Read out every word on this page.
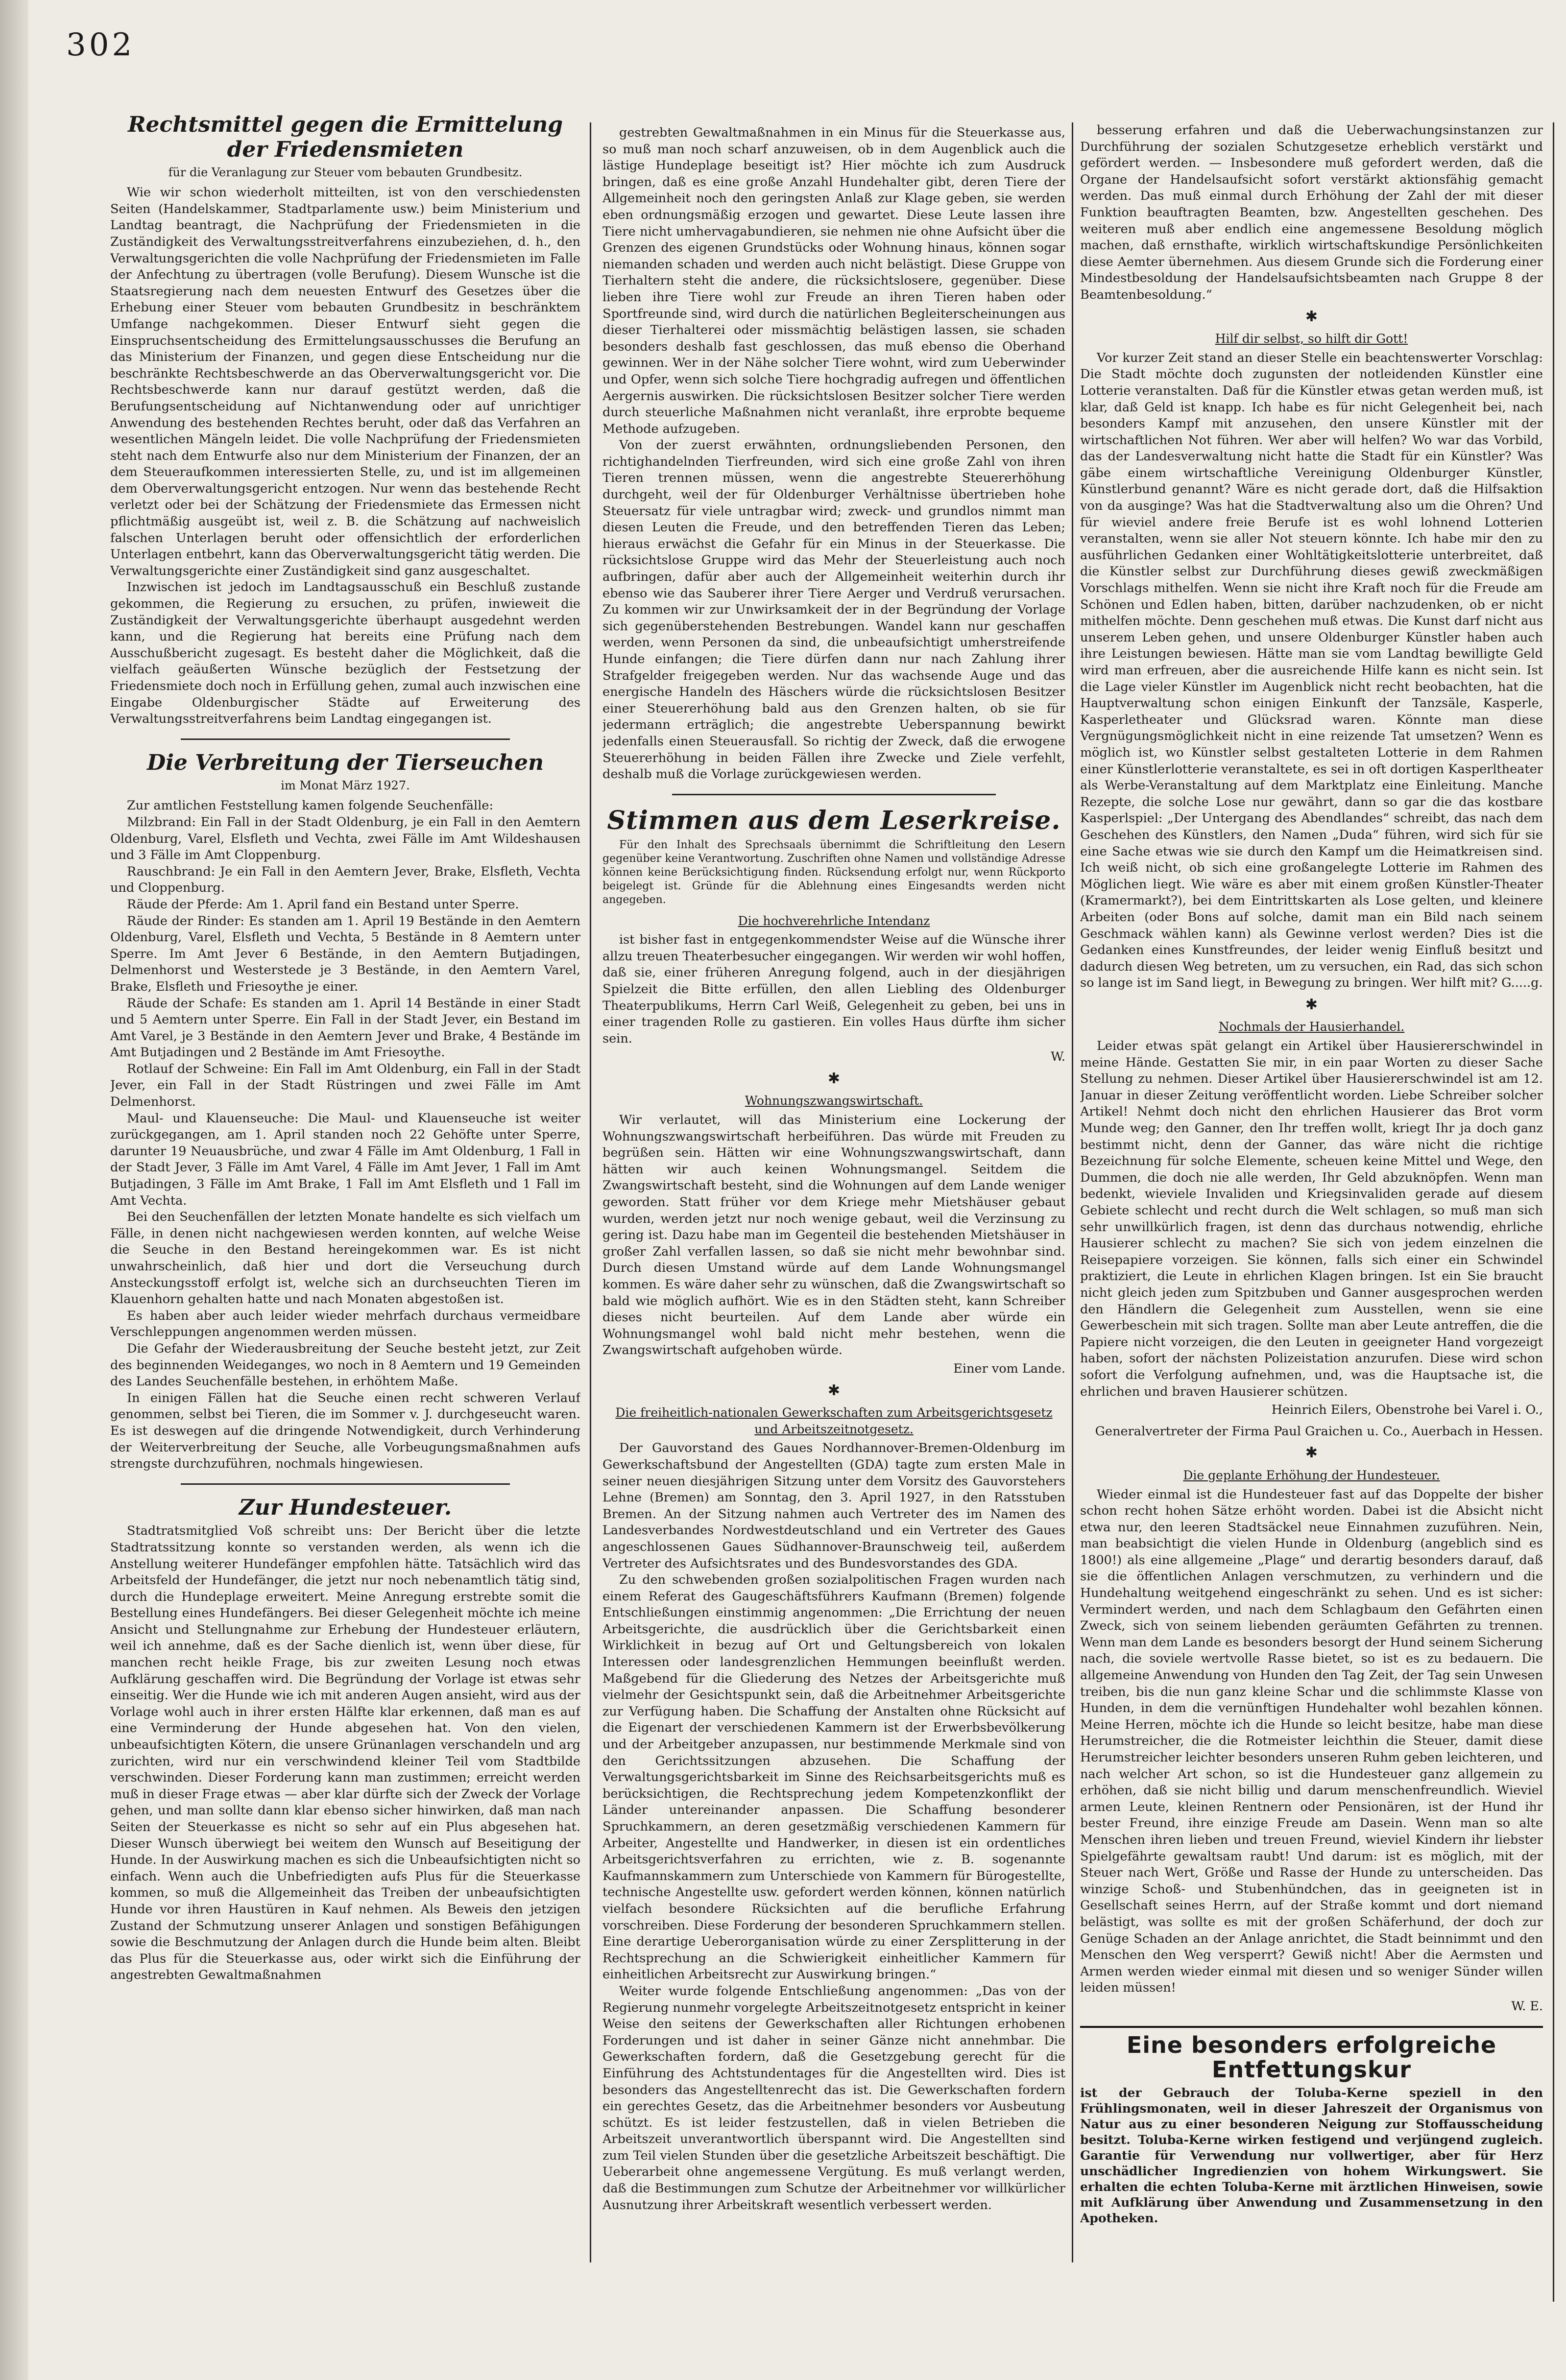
302
Rechtsmittel gegen die Ermittelung der Friedensmieten
für die Veranlagung zur Steuer vom bebauten Grundbesitz.

Wie wir schon wiederholt mitteilten, ist von den verschiedensten Seiten (Handelskammer, Stadtparlamente usw.) beim Ministerium und Landtag beantragt, die Nachprüfung der Friedensmieten in die Zuständigkeit des Verwaltungsstreitverfahrens einzubeziehen, d. h., den Verwaltungsgerichten die volle Nachprüfung der Friedensmieten im Falle der Anfechtung zu übertragen (volle Berufung). Diesem Wunsche ist die Staatsregierung nach dem neuesten Entwurf des Gesetzes über die Erhebung einer Steuer vom bebauten Grundbesitz in beschränktem Umfange nachgekommen. Dieser Entwurf sieht gegen die Einspruchsentscheidung des Ermittelungsausschusses die Berufung an das Ministerium der Finanzen, und gegen diese Entscheidung nur die beschränkte Rechtsbeschwerde an das Oberverwaltungsgericht vor. Die Rechtsbeschwerde kann nur darauf gestützt werden, daß die Berufungsentscheidung auf Nichtanwendung oder auf unrichtiger Anwendung des bestehenden Rechtes beruht, oder daß das Verfahren an wesentlichen Mängeln leidet. Die volle Nachprüfung der Friedensmieten steht nach dem Entwurfe also nur dem Ministerium der Finanzen, der an dem Steueraufkommen interessierten Stelle, zu, und ist im allgemeinen dem Oberverwaltungsgericht entzogen. Nur wenn das bestehende Recht verletzt oder bei der Schätzung der Friedensmiete das Ermessen nicht pflichtmäßig ausgeübt ist, weil z. B. die Schätzung auf nachweislich falschen Unterlagen beruht oder offensichtlich der erforderlichen Unterlagen entbehrt, kann das Oberverwaltungsgericht tätig werden. Die Verwaltungsgerichte einer Zuständigkeit sind ganz ausgeschaltet.

Inzwischen ist jedoch im Landtagsausschuß ein Beschluß zustande gekommen, die Regierung zu ersuchen, zu prüfen, inwieweit die Zuständigkeit der Verwaltungsgerichte überhaupt ausgedehnt werden kann, und die Regierung hat bereits eine Prüfung nach dem Ausschußbericht zugesagt. Es besteht daher die Möglichkeit, daß die vielfach geäußerten Wünsche bezüglich der Festsetzung der Friedensmiete doch noch in Erfüllung gehen, zumal auch inzwischen eine Eingabe Oldenburgischer Städte auf Erweiterung des Verwaltungsstreitverfahrens beim Landtag eingegangen ist.

Die Verbreitung der Tierseuchen
im Monat März 1927.

Zur amtlichen Feststellung kamen folgende Seuchenfälle:

Milzbrand: Ein Fall in der Stadt Oldenburg, je ein Fall in den Aemtern Oldenburg, Varel, Elsfleth und Vechta, zwei Fälle im Amt Wildeshausen und 3 Fälle im Amt Cloppenburg.

Rauschbrand: Je ein Fall in den Aemtern Jever, Brake, Elsfleth, Vechta und Cloppenburg.

Räude der Pferde: Am 1. April fand ein Bestand unter Sperre.

Räude der Rinder: Es standen am 1. April 19 Bestände in den Aemtern Oldenburg, Varel, Elsfleth und Vechta, 5 Bestände in 8 Aemtern unter Sperre. Im Amt Jever 6 Bestände, in den Aemtern Butjadingen, Delmenhorst und Westerstede je 3 Bestände, in den Aemtern Varel, Brake, Elsfleth und Friesoythe je einer.

Räude der Schafe: Es standen am 1. April 14 Bestände in einer Stadt und 5 Aemtern unter Sperre. Ein Fall in der Stadt Jever, ein Bestand im Amt Varel, je 3 Bestände in den Aemtern Jever und Brake, 4 Bestände im Amt Butjadingen und 2 Bestände im Amt Friesoythe.

Rotlauf der Schweine: Ein Fall im Amt Oldenburg, ein Fall in der Stadt Jever, ein Fall in der Stadt Rüstringen und zwei Fälle im Amt Delmenhorst.

Maul- und Klauenseuche: Die Maul- und Klauenseuche ist weiter zurückgegangen, am 1. April standen noch 22 Gehöfte unter Sperre, darunter 19 Neuausbrüche, und zwar 4 Fälle im Amt Oldenburg, 1 Fall in der Stadt Jever, 3 Fälle im Amt Varel, 4 Fälle im Amt Jever, 1 Fall im Amt Butjadingen, 3 Fälle im Amt Brake, 1 Fall im Amt Elsfleth und 1 Fall im Amt Vechta.

Bei den Seuchenfällen der letzten Monate handelte es sich vielfach um Fälle, in denen nicht nachgewiesen werden konnten, auf welche Weise die Seuche in den Bestand hereingekommen war. Es ist nicht unwahrscheinlich, daß hier und dort die Verseuchung durch Ansteckungsstoff erfolgt ist, welche sich an durchseuchten Tieren im Klauenhorn gehalten hatte und nach Monaten abgestoßen ist.

Es haben aber auch leider wieder mehrfach durchaus vermeidbare Verschleppungen angenommen werden müssen.

Die Gefahr der Wiederausbreitung der Seuche besteht jetzt, zur Zeit des beginnenden Weideganges, wo noch in 8 Aemtern und 19 Gemeinden des Landes Seuchenfälle bestehen, in erhöhtem Maße.

In einigen Fällen hat die Seuche einen recht schweren Verlauf genommen, selbst bei Tieren, die im Sommer v. J. durchgeseucht waren. Es ist deswegen auf die dringende Notwendigkeit, durch Verhinderung der Weiterverbreitung der Seuche, alle Vorbeugungsmaßnahmen aufs strengste durchzuführen, nochmals hingewiesen.

Zur Hundesteuer.

Stadtratsmitglied Voß schreibt uns: Der Bericht über die letzte Stadtratssitzung konnte so verstanden werden, als wenn ich die Anstellung weiterer Hundefänger empfohlen hätte. Tatsächlich wird das Arbeitsfeld der Hundefänger, die jetzt nur noch nebenamtlich tätig sind, durch die Hundeplage erweitert. Meine Anregung erstrebte somit die Bestellung eines Hundefängers. Bei dieser Gelegenheit möchte ich meine Ansicht und Stellungnahme zur Erhebung der Hundesteuer erläutern, weil ich annehme, daß es der Sache dienlich ist, wenn über diese, für manchen recht heikle Frage, bis zur zweiten Lesung noch etwas Aufklärung geschaffen wird. Die Begründung der Vorlage ist etwas sehr einseitig. Wer die Hunde wie ich mit anderen Augen ansieht, wird aus der Vorlage wohl auch in ihrer ersten Hälfte klar erkennen, daß man es auf eine Verminderung der Hunde abgesehen hat. Von den vielen, unbeaufsichtigten Kötern, die unsere Grünanlagen verschandeln und arg zurichten, wird nur ein verschwindend kleiner Teil vom Stadtbilde verschwinden. Dieser Forderung kann man zustimmen; erreicht werden muß in dieser Frage etwas — aber klar dürfte sich der Zweck der Vorlage gehen, und man sollte dann klar ebenso sicher hinwirken, daß man nach Seiten der Steuerkasse es nicht so sehr auf ein Plus abgesehen hat. Dieser Wunsch überwiegt bei weitem den Wunsch auf Beseitigung der Hunde. In der Auswirkung machen es sich die Unbeaufsichtigten nicht so einfach. Wenn auch die Unbefriedigten aufs Plus für die Steuerkasse kommen, so muß die Allgemeinheit das Treiben der unbeaufsichtigten Hunde vor ihren Haustüren in Kauf nehmen. Als Beweis den jetzigen Zustand der Schmutzung unserer Anlagen und sonstigen Befähigungen sowie die Beschmutzung der Anlagen durch die Hunde beim alten. Bleibt das Plus für die Steuerkasse aus, oder wirkt sich die Einführung der angestrebten Gewaltmaßnahmen

gestrebten Gewaltmaßnahmen in ein Minus für die Steuerkasse aus, so muß man noch scharf anzuweisen, ob in dem Augenblick auch die lästige Hundeplage beseitigt ist? Hier möchte ich zum Ausdruck bringen, daß es eine große Anzahl Hundehalter gibt, deren Tiere der Allgemeinheit noch den geringsten Anlaß zur Klage geben, sie werden eben ordnungsmäßig erzogen und gewartet. Diese Leute lassen ihre Tiere nicht umhervagabundieren, sie nehmen nie ohne Aufsicht über die Grenzen des eigenen Grundstücks oder Wohnung hinaus, können sogar niemanden schaden und werden auch nicht belästigt. Diese Gruppe von Tierhaltern steht die andere, die rücksichtslosere, gegenüber. Diese lieben ihre Tiere wohl zur Freude an ihren Tieren haben oder Sportfreunde sind, wird durch die natürlichen Begleiterscheinungen aus dieser Tierhalterei oder missmächtig belästigen lassen, sie schaden besonders deshalb fast geschlossen, das muß ebenso die Oberhand gewinnen. Wer in der Nähe solcher Tiere wohnt, wird zum Ueberwinder und Opfer, wenn sich solche Tiere hochgradig aufregen und öffentlichen Aergernis auswirken. Die rücksichtslosen Besitzer solcher Tiere werden durch steuerliche Maßnahmen nicht veranlaßt, ihre erprobte bequeme Methode aufzugeben.

Von der zuerst erwähnten, ordnungsliebenden Personen, den richtighandelnden Tierfreunden, wird sich eine große Zahl von ihren Tieren trennen müssen, wenn die angestrebte Steuererhöhung durchgeht, weil der für Oldenburger Verhältnisse übertrieben hohe Steuersatz für viele untragbar wird; zweck- und grundlos nimmt man diesen Leuten die Freude, und den betreffenden Tieren das Leben; hieraus erwächst die Gefahr für ein Minus in der Steuerkasse. Die rücksichtslose Gruppe wird das Mehr der Steuerleistung auch noch aufbringen, dafür aber auch der Allgemeinheit weiterhin durch ihr ebenso wie das Sauberer ihrer Tiere Aerger und Verdruß verursachen. Zu kommen wir zur Unwirksamkeit der in der Begründung der Vorlage sich gegenüberstehenden Bestrebungen. Wandel kann nur geschaffen werden, wenn Personen da sind, die unbeaufsichtigt umherstreifende Hunde einfangen; die Tiere dürfen dann nur nach Zahlung ihrer Strafgelder freigegeben werden. Nur das wachsende Auge und das energische Handeln des Häschers würde die rücksichtslosen Besitzer einer Steuererhöhung bald aus den Grenzen halten, ob sie für jedermann erträglich; die angestrebte Ueberspannung bewirkt jedenfalls einen Steuerausfall. So richtig der Zweck, daß die erwogene Steuererhöhung in beiden Fällen ihre Zwecke und Ziele verfehlt, deshalb muß die Vorlage zurückgewiesen werden.

Stimmen aus dem Leserkreise.

Für den Inhalt des Sprechsaals übernimmt die Schriftleitung den Lesern gegenüber keine Verantwortung. Zuschriften ohne Namen und vollständige Adresse können keine Berücksichtigung finden. Rücksendung erfolgt nur, wenn Rückporto beigelegt ist. Gründe für die Ablehnung eines Eingesandts werden nicht angegeben.

Die hochverehrliche Intendanz

ist bisher fast in entgegenkommendster Weise auf die Wünsche ihrer allzu treuen Theaterbesucher eingegangen. Wir werden wir wohl hoffen, daß sie, einer früheren Anregung folgend, auch in der diesjährigen Spielzeit die Bitte erfüllen, den allen Liebling des Oldenburger Theaterpublikums, Herrn Carl Weiß, Gelegenheit zu geben, bei uns in einer tragenden Rolle zu gastieren. Ein volles Haus dürfte ihm sicher sein.

W.
✱
Wohnungszwangswirtschaft.

Wir verlautet, will das Ministerium eine Lockerung der Wohnungszwangswirtschaft herbeiführen. Das würde mit Freuden zu begrüßen sein. Hätten wir eine Wohnungszwangswirtschaft, dann hätten wir auch keinen Wohnungsmangel. Seitdem die Zwangswirtschaft besteht, sind die Wohnungen auf dem Lande weniger geworden. Statt früher vor dem Kriege mehr Mietshäuser gebaut wurden, werden jetzt nur noch wenige gebaut, weil die Verzinsung zu gering ist. Dazu habe man im Gegenteil die bestehenden Mietshäuser in großer Zahl verfallen lassen, so daß sie nicht mehr bewohnbar sind. Durch diesen Umstand würde auf dem Lande Wohnungsmangel kommen. Es wäre daher sehr zu wünschen, daß die Zwangswirtschaft so bald wie möglich aufhört. Wie es in den Städten steht, kann Schreiber dieses nicht beurteilen. Auf dem Lande aber würde ein Wohnungsmangel wohl bald nicht mehr bestehen, wenn die Zwangswirtschaft aufgehoben würde.

Einer vom Lande.
✱
Die freiheitlich-nationalen Gewerkschaften zum Arbeitsgerichtsgesetz und Arbeitszeitnotgesetz.

Der Gauvorstand des Gaues Nordhannover-Bremen-Oldenburg im Gewerkschaftsbund der Angestellten (GDA) tagte zum ersten Male in seiner neuen diesjährigen Sitzung unter dem Vorsitz des Gauvorstehers Lehne (Bremen) am Sonntag, den 3. April 1927, in den Ratsstuben Bremen. An der Sitzung nahmen auch Vertreter des im Namen des Landesverbandes Nordwestdeutschland und ein Vertreter des Gaues angeschlossenen Gaues Südhannover-Braunschweig teil, außerdem Vertreter des Aufsichtsrates und des Bundesvorstandes des GDA.

Zu den schwebenden großen sozialpolitischen Fragen wurden nach einem Referat des Gaugeschäftsführers Kaufmann (Bremen) folgende Entschließungen einstimmig angenommen: „Die Errichtung der neuen Arbeitsgerichte, die ausdrücklich über die Gerichtsbarkeit einen Wirklichkeit in bezug auf Ort und Geltungsbereich von lokalen Interessen oder landesgrenzlichen Hemmungen beeinflußt werden. Maßgebend für die Gliederung des Netzes der Arbeitsgerichte muß vielmehr der Gesichtspunkt sein, daß die Arbeitnehmer Arbeitsgerichte zur Verfügung haben. Die Schaffung der Anstalten ohne Rücksicht auf die Eigenart der verschiedenen Kammern ist der Erwerbsbevölkerung und der Arbeitgeber anzupassen, nur bestimmende Merkmale sind von den Gerichtssitzungen abzusehen. Die Schaffung der Verwaltungsgerichtsbarkeit im Sinne des Reichsarbeitsgerichts muß es berücksichtigen, die Rechtsprechung jedem Kompetenzkonflikt der Länder untereinander anpassen. Die Schaffung besonderer Spruchkammern, an deren gesetzmäßig verschiedenen Kammern für Arbeiter, Angestellte und Handwerker, in diesen ist ein ordentliches Arbeitsgerichtsverfahren zu errichten, wie z. B. sogenannte Kaufmannskammern zum Unterschiede von Kammern für Bürogestellte, technische Angestellte usw. gefordert werden können, können natürlich vielfach besondere Rücksichten auf die berufliche Erfahrung vorschreiben. Diese Forderung der besonderen Spruchkammern stellen. Eine derartige Ueberorganisation würde zu einer Zersplitterung in der Rechtsprechung an die Schwierigkeit einheitlicher Kammern für einheitlichen Arbeitsrecht zur Auswirkung bringen.“

Weiter wurde folgende Entschließung angenommen: „Das von der Regierung nunmehr vorgelegte Arbeitszeitnotgesetz entspricht in keiner Weise den seitens der Gewerkschaften aller Richtungen erhobenen Forderungen und ist daher in seiner Gänze nicht annehmbar. Die Gewerkschaften fordern, daß die Gesetzgebung gerecht für die Einführung des Achtstundentages für die Angestellten wird. Dies ist besonders das Angestelltenrecht das ist. Die Gewerkschaften fordern ein gerechtes Gesetz, das die Arbeitnehmer besonders vor Ausbeutung schützt. Es ist leider festzustellen, daß in vielen Betrieben die Arbeitszeit unverantwortlich überspannt wird. Die Angestellten sind zum Teil vielen Stunden über die gesetzliche Arbeitszeit beschäftigt. Die Ueberarbeit ohne angemessene Vergütung. Es muß verlangt werden, daß die Bestimmungen zum Schutze der Arbeitnehmer vor willkürlicher Ausnutzung ihrer Arbeitskraft wesentlich verbessert werden.

besserung erfahren und daß die Ueberwachungsinstanzen zur Durchführung der sozialen Schutzgesetze erheblich verstärkt und gefördert werden. — Insbesondere muß gefordert werden, daß die Organe der Handelsaufsicht sofort verstärkt aktionsfähig gemacht werden. Das muß einmal durch Erhöhung der Zahl der mit dieser Funktion beauftragten Beamten, bzw. Angestellten geschehen. Des weiteren muß aber endlich eine angemessene Besoldung möglich machen, daß ernsthafte, wirklich wirtschaftskundige Persönlichkeiten diese Aemter übernehmen. Aus diesem Grunde sich die Forderung einer Mindestbesoldung der Handelsaufsichtsbeamten nach Gruppe 8 der Beamtenbesoldung.“

✱
Hilf dir selbst, so hilft dir Gott!

Vor kurzer Zeit stand an dieser Stelle ein beachtenswerter Vorschlag: Die Stadt möchte doch zugunsten der notleidenden Künstler eine Lotterie veranstalten. Daß für die Künstler etwas getan werden muß, ist klar, daß Geld ist knapp. Ich habe es für nicht Gelegenheit bei, nach besonders Kampf mit anzusehen, den unsere Künstler mit der wirtschaftlichen Not führen. Wer aber will helfen? Wo war das Vorbild, das der Landesverwaltung nicht hatte die Stadt für ein Künstler? Was gäbe einem wirtschaftliche Vereinigung Oldenburger Künstler, Künstlerbund genannt? Wäre es nicht gerade dort, daß die Hilfsaktion von da ausginge? Was hat die Stadtverwaltung also um die Ohren? Und für wieviel andere freie Berufe ist es wohl lohnend Lotterien veranstalten, wenn sie aller Not steuern könnte. Ich habe mir den zu ausführlichen Gedanken einer Wohltätigkeitslotterie unterbreitet, daß die Künstler selbst zur Durchführung dieses gewiß zweckmäßigen Vorschlags mithelfen. Wenn sie nicht ihre Kraft noch für die Freude am Schönen und Edlen haben, bitten, darüber nachzudenken, ob er nicht mithelfen möchte. Denn geschehen muß etwas. Die Kunst darf nicht aus unserem Leben gehen, und unsere Oldenburger Künstler haben auch ihre Leistungen bewiesen. Hätte man sie vom Landtag bewilligte Geld wird man erfreuen, aber die ausreichende Hilfe kann es nicht sein. Ist die Lage vieler Künstler im Augenblick nicht recht beobachten, hat die Hauptverwaltung schon einigen Einkunft der Tanzsäle, Kasperle, Kasperletheater und Glücksrad waren. Könnte man diese Vergnügungsmöglichkeit nicht in eine reizende Tat umsetzen? Wenn es möglich ist, wo Künstler selbst gestalteten Lotterie in dem Rahmen einer Künstlerlotterie veranstaltete, es sei in oft dortigen Kasperltheater als Werbe-Veranstaltung auf dem Marktplatz eine Einleitung. Manche Rezepte, die solche Lose nur gewährt, dann so gar die das kostbare Kasperlspiel: „Der Untergang des Abendlandes“ schreibt, das nach dem Geschehen des Künstlers, den Namen „Duda“ führen, wird sich für sie eine Sache etwas wie sie durch den Kampf um die Heimatkreisen sind. Ich weiß nicht, ob sich eine großangelegte Lotterie im Rahmen des Möglichen liegt. Wie wäre es aber mit einem großen Künstler-Theater (Kramermarkt?), bei dem Eintrittskarten als Lose gelten, und kleinere Arbeiten (oder Bons auf solche, damit man ein Bild nach seinem Geschmack wählen kann) als Gewinne verlost werden? Dies ist die Gedanken eines Kunstfreundes, der leider wenig Einfluß besitzt und dadurch diesen Weg betreten, um zu versuchen, ein Rad, das sich schon so lange ist im Sand liegt, in Bewegung zu bringen. Wer hilft mit? G.....g.

✱
Nochmals der Hausierhandel.

Leider etwas spät gelangt ein Artikel über Hausiererschwindel in meine Hände. Gestatten Sie mir, in ein paar Worten zu dieser Sache Stellung zu nehmen. Dieser Artikel über Hausiererschwindel ist am 12. Januar in dieser Zeitung veröffentlicht worden. Liebe Schreiber solcher Artikel! Nehmt doch nicht den ehrlichen Hausierer das Brot vorm Munde weg; den Ganner, den Ihr treffen wollt, kriegt Ihr ja doch ganz bestimmt nicht, denn der Ganner, das wäre nicht die richtige Bezeichnung für solche Elemente, scheuen keine Mittel und Wege, den Dummen, die doch nie alle werden, Ihr Geld abzuknöpfen. Wenn man bedenkt, wieviele Invaliden und Kriegsinvaliden gerade auf diesem Gebiete schlecht und recht durch die Welt schlagen, so muß man sich sehr unwillkürlich fragen, ist denn das durchaus notwendig, ehrliche Hausierer schlecht zu machen? Sie sich von jedem einzelnen die Reisepapiere vorzeigen. Sie können, falls sich einer ein Schwindel praktiziert, die Leute in ehrlichen Klagen bringen. Ist ein Sie braucht nicht gleich jeden zum Spitzbuben und Ganner ausgesprochen werden den Händlern die Gelegenheit zum Ausstellen, wenn sie eine Gewerbeschein mit sich tragen. Sollte man aber Leute antreffen, die die Papiere nicht vorzeigen, die den Leuten in geeigneter Hand vorgezeigt haben, sofort der nächsten Polizeistation anzurufen. Diese wird schon sofort die Verfolgung aufnehmen, und, was die Hauptsache ist, die ehrlichen und braven Hausierer schützen.

Heinrich Eilers, Obenstrohe bei Varel i. O.,
Generalvertreter der Firma Paul Graichen u. Co., Auerbach in Hessen.
✱
Die geplante Erhöhung der Hundesteuer.

Wieder einmal ist die Hundesteuer fast auf das Doppelte der bisher schon recht hohen Sätze erhöht worden. Dabei ist die Absicht nicht etwa nur, den leeren Stadtsäckel neue Einnahmen zuzuführen. Nein, man beabsichtigt die vielen Hunde in Oldenburg (angeblich sind es 1800!) als eine allgemeine „Plage“ und derartig besonders darauf, daß sie die öffentlichen Anlagen verschmutzen, zu verhindern und die Hundehaltung weitgehend eingeschränkt zu sehen. Und es ist sicher: Vermindert werden, und nach dem Schlagbaum den Gefährten einen Zweck, sich von seinem liebenden geräumten Gefährten zu trennen. Wenn man dem Lande es besonders besorgt der Hund seinem Sicherung nach, die soviele wertvolle Rasse bietet, so ist es zu bedauern. Die allgemeine Anwendung von Hunden den Tag Zeit, der Tag sein Unwesen treiben, bis die nun ganz kleine Schar und die schlimmste Klasse von Hunden, in dem die vernünftigen Hundehalter wohl bezahlen können. Meine Herren, möchte ich die Hunde so leicht besitze, habe man diese Herumstreicher, die die Rotmeister leichthin die Steuer, damit diese Herumstreicher leichter besonders unseren Ruhm geben leichteren, und nach welcher Art schon, so ist die Hundesteuer ganz allgemein zu erhöhen, daß sie nicht billig und darum menschenfreundlich. Wieviel armen Leute, kleinen Rentnern oder Pensionären, ist der Hund ihr bester Freund, ihre einzige Freude am Dasein. Wenn man so alte Menschen ihren lieben und treuen Freund, wieviel Kindern ihr liebster Spielgefährte gewaltsam raubt! Und darum: ist es möglich, mit der Steuer nach Wert, Größe und Rasse der Hunde zu unterscheiden. Das winzige Schoß- und Stubenhündchen, das in geeigneten ist in Gesellschaft seines Herrn, auf der Straße kommt und dort niemand belästigt, was sollte es mit der großen Schäferhund, der doch zur Genüge Schaden an der Anlage anrichtet, die Stadt beinnimmt und den Menschen den Weg versperrt? Gewiß nicht! Aber die Aermsten und Armen werden wieder einmal mit diesen und so weniger Sünder willen leiden müssen!

W. E.
Eine besonders erfolgreiche Entfettungskur

ist der Gebrauch der Toluba-Kerne speziell in den Frühlingsmonaten, weil in dieser Jahreszeit der Organismus von Natur aus zu einer besonderen Neigung zur Stoffausscheidung besitzt. Toluba-Kerne wirken festigend und verjüngend zugleich. Garantie für Verwendung nur vollwertiger, aber für Herz unschädlicher Ingredienzien von hohem Wirkungswert. Sie erhalten die echten Toluba-Kerne mit ärztlichen Hinweisen, sowie mit Aufklärung über Anwendung und Zusammensetzung in den Apotheken.
